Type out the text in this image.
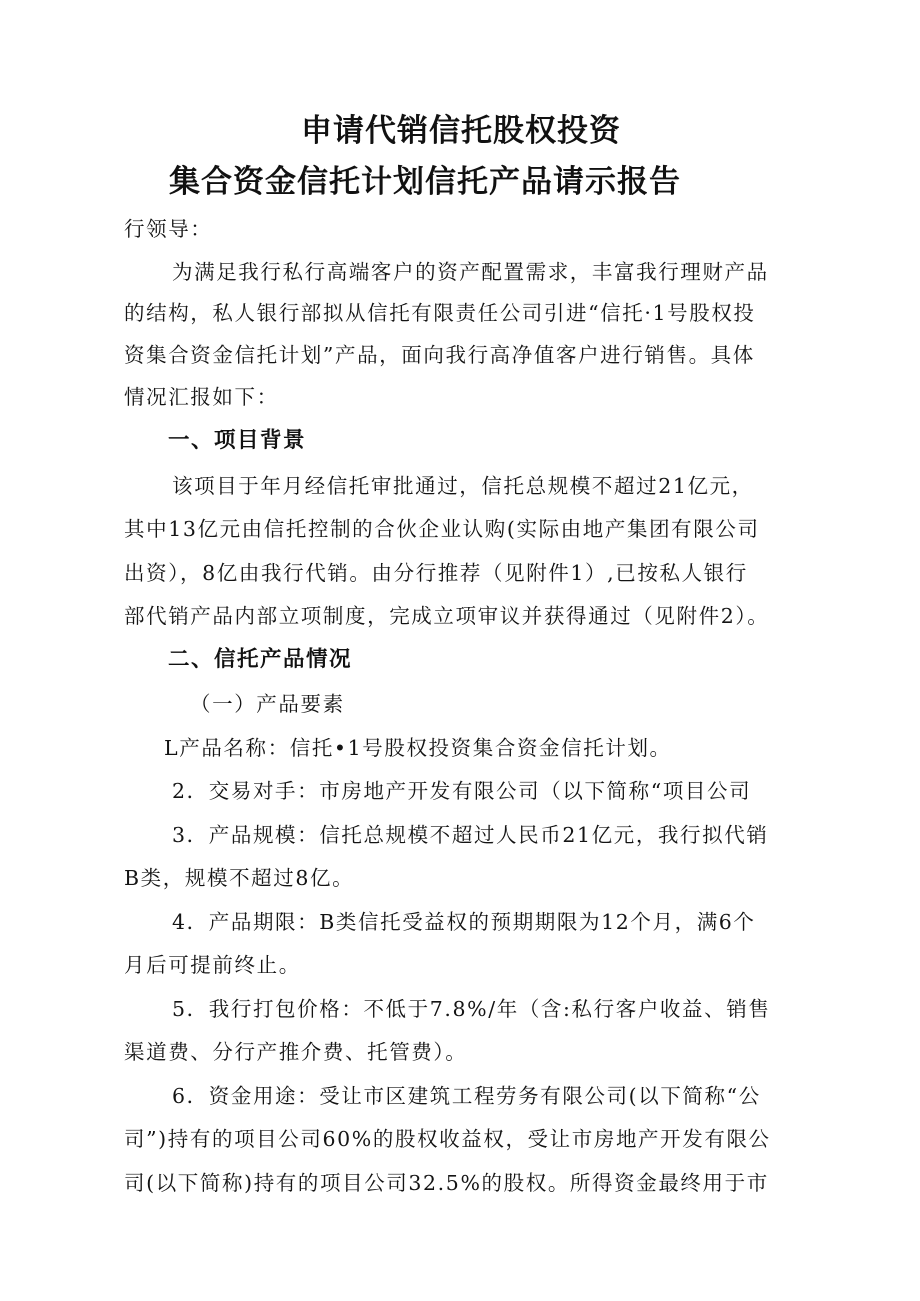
申请代销信托股权投资
集合资金信托计划信托产品请示报告
行领导：
为满足我行私行高端客户的资产配置需求，丰富我行理财产品
的结构，私人银行部拟从信托有限责任公司引进“信托·1号股权投
资集合资金信托计划”产品，面向我行高净值客户进行销售。具体
情况汇报如下：
一、项目背景
该项目于年月经信托审批通过，信托总规模不超过21亿元，
其中13亿元由信托控制的合伙企业认购(实际由地产集团有限公司
出资），8亿由我行代销。由分行推荐（见附件1）,已按私人银行
部代销产品内部立项制度，完成立项审议并获得通过（见附件2）。
二、信托产品情况
（一）产品要素
L产品名称：信托•1号股权投资集合资金信托计划。
2．交易对手：市房地产开发有限公司（以下简称“项目公司
3．产品规模：信托总规模不超过人民币21亿元，我行拟代销
B类，规模不超过8亿。
4．产品期限：B类信托受益权的预期期限为12个月，满6个
月后可提前终止。
5．我行打包价格：不低于7.8%/年（含:私行客户收益、销售
渠道费、分行产推介费、托管费）。
6．资金用途：受让市区建筑工程劳务有限公司(以下简称“公
司”)持有的项目公司60%的股权收益权，受让市房地产开发有限公
司(以下简称)持有的项目公司32.5%的股权。所得资金最终用于市
